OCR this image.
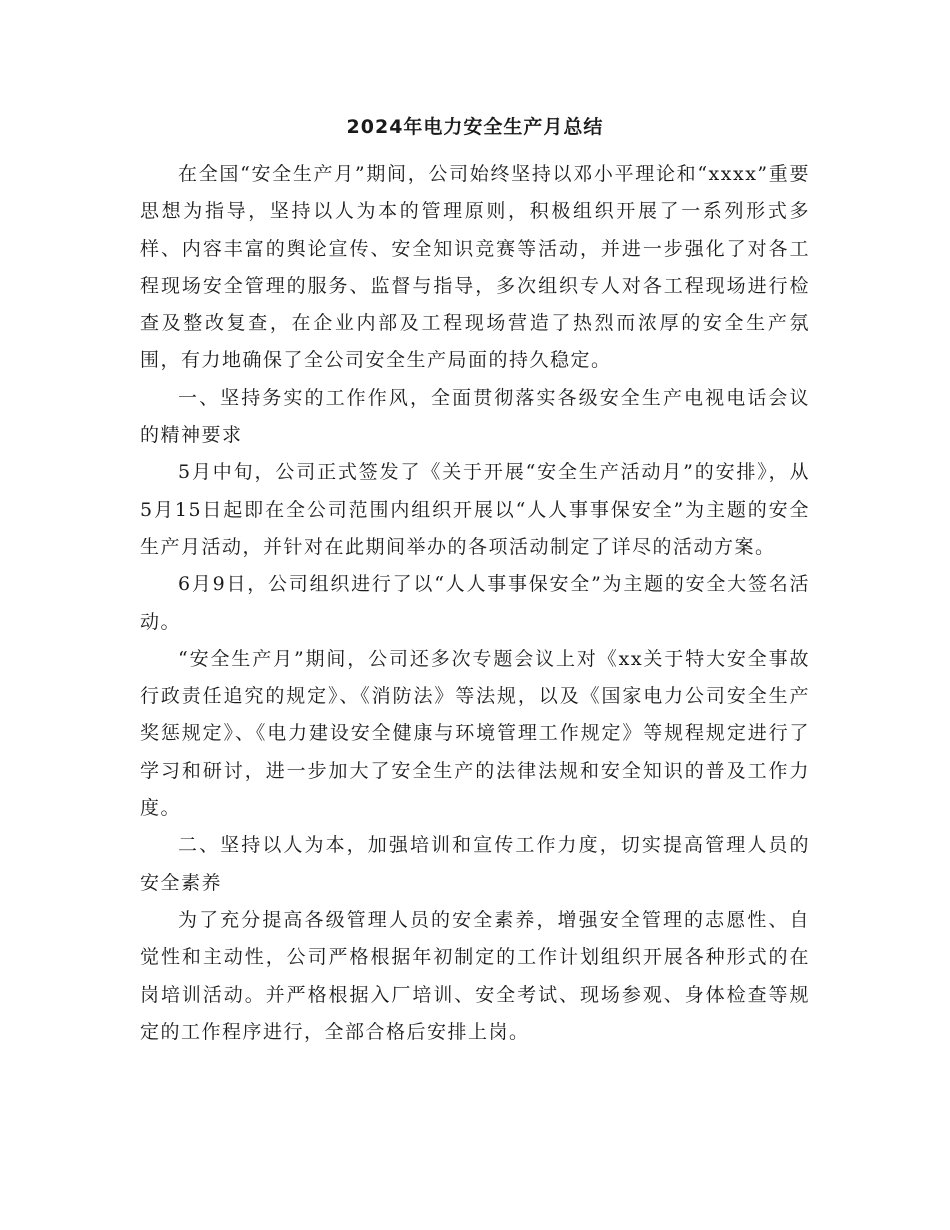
2024年电力安全生产月总结

在全国“安全生产月”期间，公司始终坚持以邓小平理论和“xxxx”重要思想为指导，坚持以人为本的管理原则，积极组织开展了一系列形式多样、内容丰富的舆论宣传、安全知识竞赛等活动，并进一步强化了对各工程现场安全管理的服务、监督与指导，多次组织专人对各工程现场进行检查及整改复查，在企业内部及工程现场营造了热烈而浓厚的安全生产氛围，有力地确保了全公司安全生产局面的持久稳定。

一、坚持务实的工作作风，全面贯彻落实各级安全生产电视电话会议的精神要求

5月中旬，公司正式签发了《关于开展“安全生产活动月”的安排》，从5月15日起即在全公司范围内组织开展以“人人事事保安全”为主题的安全生产月活动，并针对在此期间举办的各项活动制定了详尽的活动方案。

6月9日，公司组织进行了以“人人事事保安全”为主题的安全大签名活动。

“安全生产月”期间，公司还多次专题会议上对《xx关于特大安全事故行政责任追究的规定》、《消防法》等法规，以及《国家电力公司安全生产奖惩规定》、《电力建设安全健康与环境管理工作规定》等规程规定进行了学习和研讨，进一步加大了安全生产的法律法规和安全知识的普及工作力度。

二、坚持以人为本，加强培训和宣传工作力度，切实提高管理人员的安全素养

为了充分提高各级管理人员的安全素养，增强安全管理的志愿性、自觉性和主动性，公司严格根据年初制定的工作计划组织开展各种形式的在岗培训活动。并严格根据入厂培训、安全考试、现场参观、身体检查等规定的工作程序进行，全部合格后安排上岗。
